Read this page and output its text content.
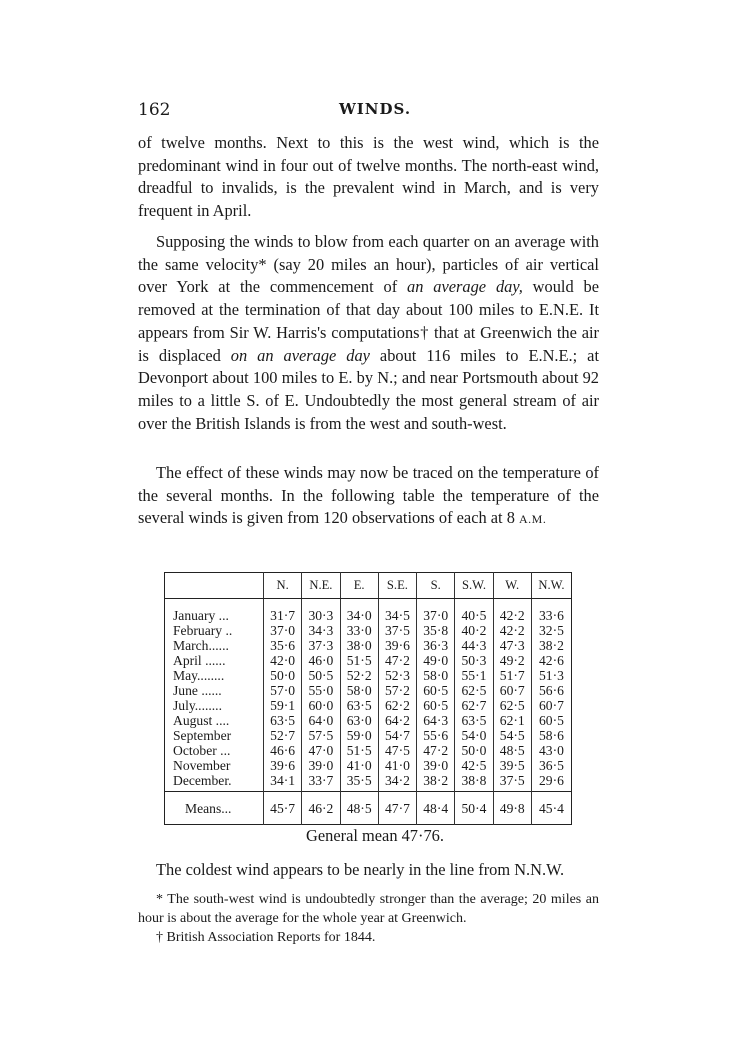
162	WINDS.
of twelve months. Next to this is the west wind, which is the predominant wind in four out of twelve months. The north-east wind, dreadful to invalids, is the prevalent wind in March, and is very frequent in April.
Supposing the winds to blow from each quarter on an average with the same velocity* (say 20 miles an hour), particles of air vertical over York at the commencement of an average day, would be removed at the termination of that day about 100 miles to E.N.E. It appears from Sir W. Harris's computations† that at Greenwich the air is displaced on an average day about 116 miles to E.N.E.; at Devonport about 100 miles to E. by N.; and near Portsmouth about 92 miles to a little S. of E. Undoubtedly the most general stream of air over the British Islands is from the west and south-west.
The effect of these winds may now be traced on the temperature of the several months. In the following table the temperature of the several winds is given from 120 observations of each at 8 A.M.
	N.	N.E.	E.	S.E.	S.	S.W.	W.	N.W.

January ...	31·7	30·3	34·0	34·5	37·0	40·5	42·2	33·6
February ..	37·0	34·3	33·0	37·5	35·8	40·2	42·2	32·5
March......	35·6	37·3	38·0	39·6	36·3	44·3	47·3	38·2
April ......	42·0	46·0	51·5	47·2	49·0	50·3	49·2	42·6
May........	50·0	50·5	52·2	52·3	58·0	55·1	51·7	51·3
June ......	57·0	55·0	58·0	57·2	60·5	62·5	60·7	56·6
July........	59·1	60·0	63·5	62·2	60·5	62·7	62·5	60·7
August ....	63·5	64·0	63·0	64·2	64·3	63·5	62·1	60·5
September	52·7	57·5	59·0	54·7	55·6	54·0	54·5	58·6
October ...	46·6	47·0	51·5	47·5	47·2	50·0	48·5	43·0
November	39·6	39·0	41·0	41·0	39·0	42·5	39·5	36·5
December.	34·1	33·7	35·5	34·2	38·2	38·8	37·5	29·6
Means...	45·7	46·2	48·5	47·7	48·4	50·4	49·8	45·4
General mean 47·76.
The coldest wind appears to be nearly in the line from N.N.W.
* The south-west wind is undoubtedly stronger than the average; 20 miles an hour is about the average for the whole year at Greenwich.
† British Association Reports for 1844.
